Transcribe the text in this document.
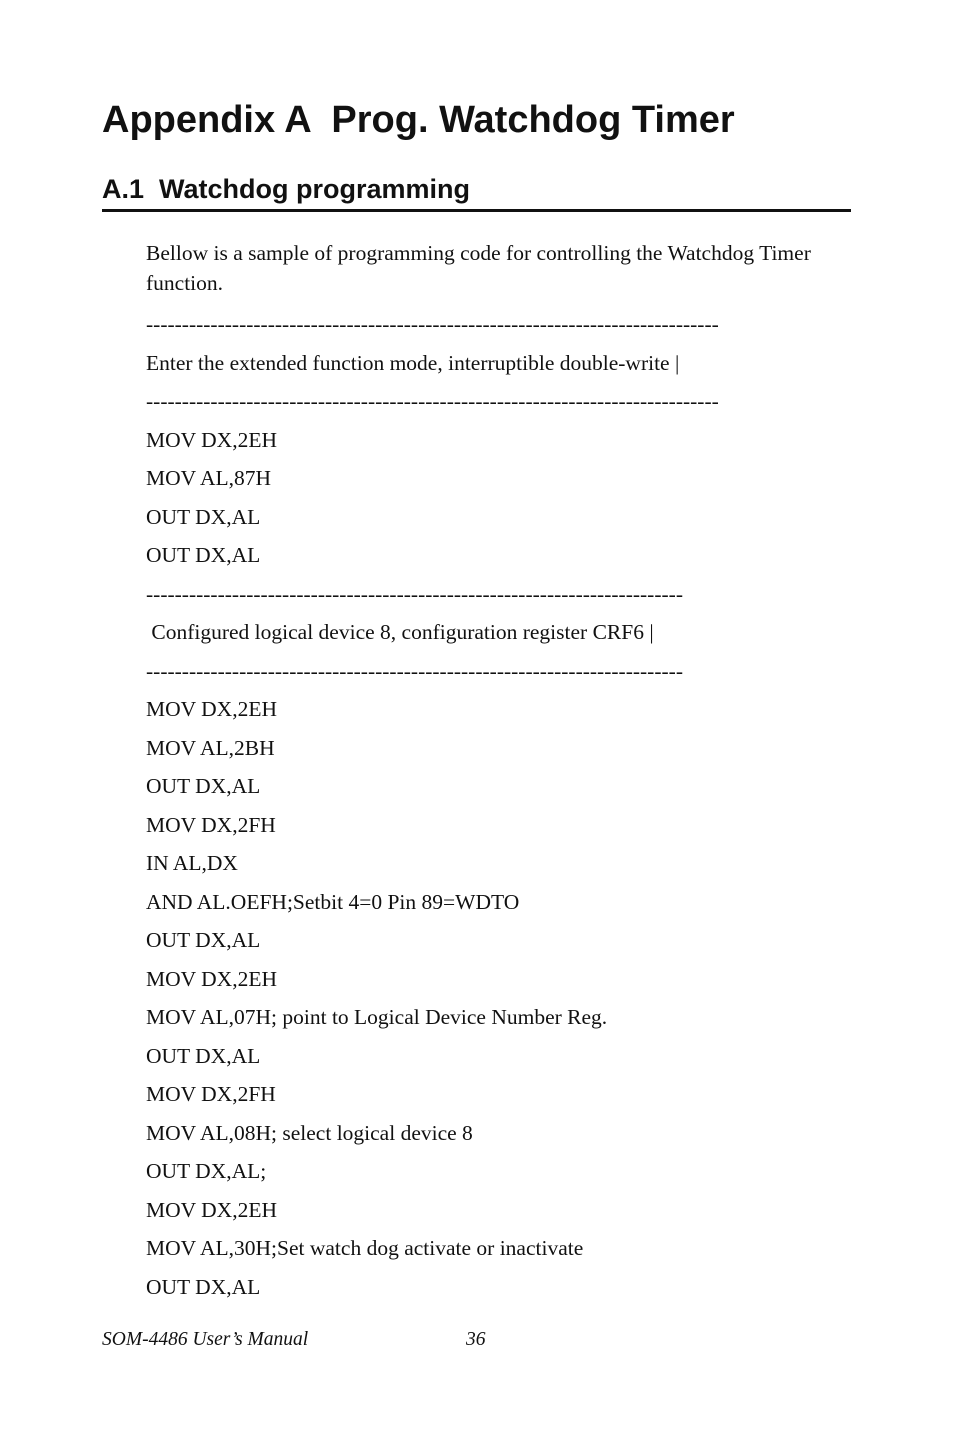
Appendix A  Prog. Watchdog Timer
A.1  Watchdog programming

Bellow is a sample of programming code for controlling the Watchdog Timer function.

--------------------------------------------------------------------------------
Enter the extended function mode, interruptible double-write |
--------------------------------------------------------------------------------
MOV DX,2EH
MOV AL,87H
OUT DX,AL
OUT DX,AL
---------------------------------------------------------------------------
Configured logical device 8, configuration register CRF6 |
---------------------------------------------------------------------------
MOV DX,2EH
MOV AL,2BH
OUT DX,AL
MOV DX,2FH
IN AL,DX
AND AL.OEFH;Setbit 4=0 Pin 89=WDTO
OUT DX,AL
MOV DX,2EH
MOV AL,07H; point to Logical Device Number Reg.
OUT DX,AL
MOV DX,2FH
MOV AL,08H; select logical device 8
OUT DX,AL;
MOV DX,2EH
MOV AL,30H;Set watch dog activate or inactivate
OUT DX,AL

SOM-4486 User’s Manual	36
